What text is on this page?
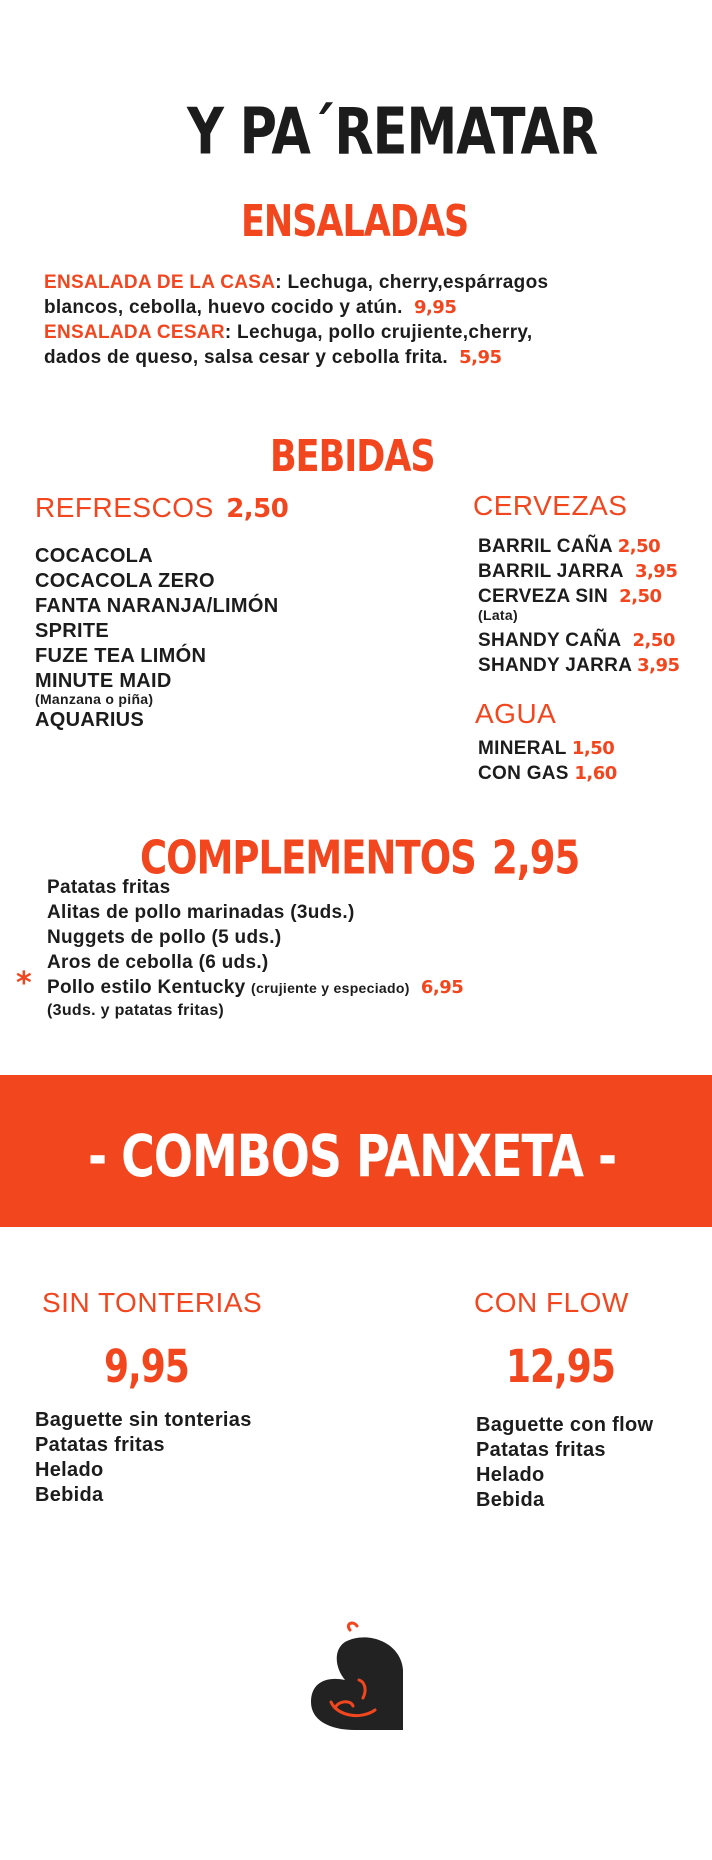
Y PA´REMATAR
ENSALADAS
ENSALADA DE LA CASA: Lechuga, cherry,espárragos
blancos, cebolla, huevo cocido y atún. 9,95
ENSALADA CESAR: Lechuga, pollo crujiente,cherry,
dados de queso, salsa cesar y cebolla frita. 5,95
BEBIDAS
REFRESCOS 2,50
COCACOLA
COCACOLA ZERO
FANTA NARANJA/LIMÓN
SPRITE
FUZE TEA LIMÓN
MINUTE MAID
(Manzana o piña)
AQUARIUS
CERVEZAS
BARRIL CAÑA 2,50
BARRIL JARRA 3,95
CERVEZA SIN 2,50
(Lata)
SHANDY CAÑA 2,50
SHANDY JARRA 3,95
AGUA
MINERAL 1,50
CON GAS 1,60
COMPLEMENTOS 2,95
Patatas fritas
Alitas de pollo marinadas (3uds.)
Nuggets de pollo (5 uds.)
Aros de cebolla (6 uds.)
Pollo estilo Kentucky (crujiente y especiado) 6,95
(3uds. y patatas fritas)
*
- COMBOS PANXETA -
SIN TONTERIAS
9,95
Baguette sin tonterias
Patatas fritas
Helado
Bebida
CON FLOW
12,95
Baguette con flow
Patatas fritas
Helado
Bebida
